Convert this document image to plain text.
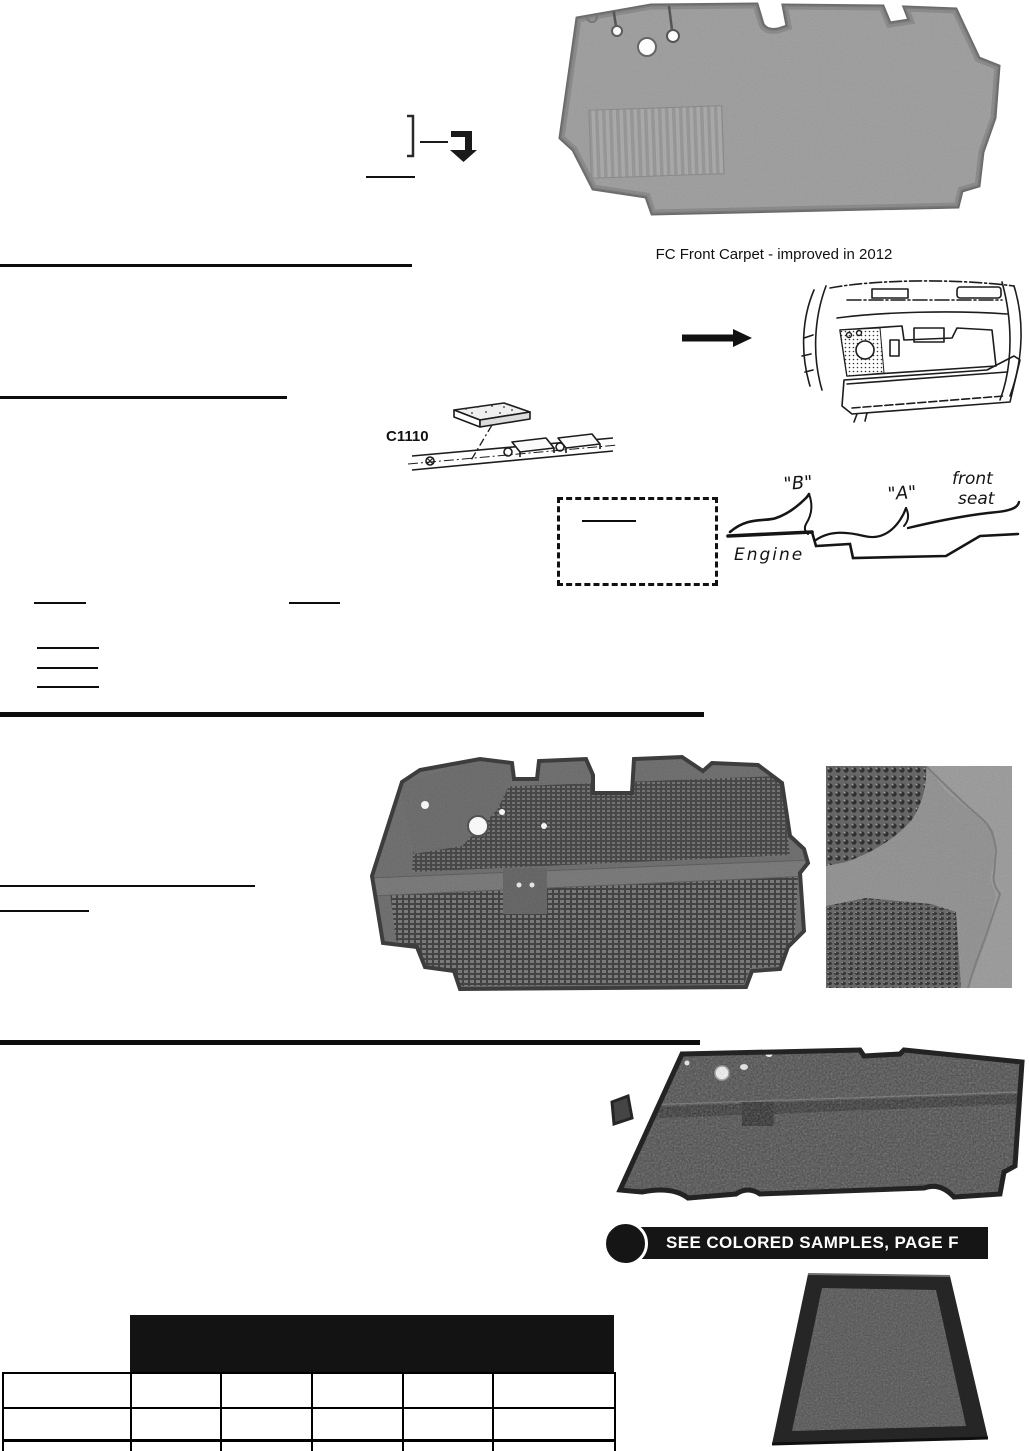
FC Front Carpet - improved in 2012
C1110
"B"	"A"
front
seat
Engine
SEE COLORED SAMPLES, PAGE F
